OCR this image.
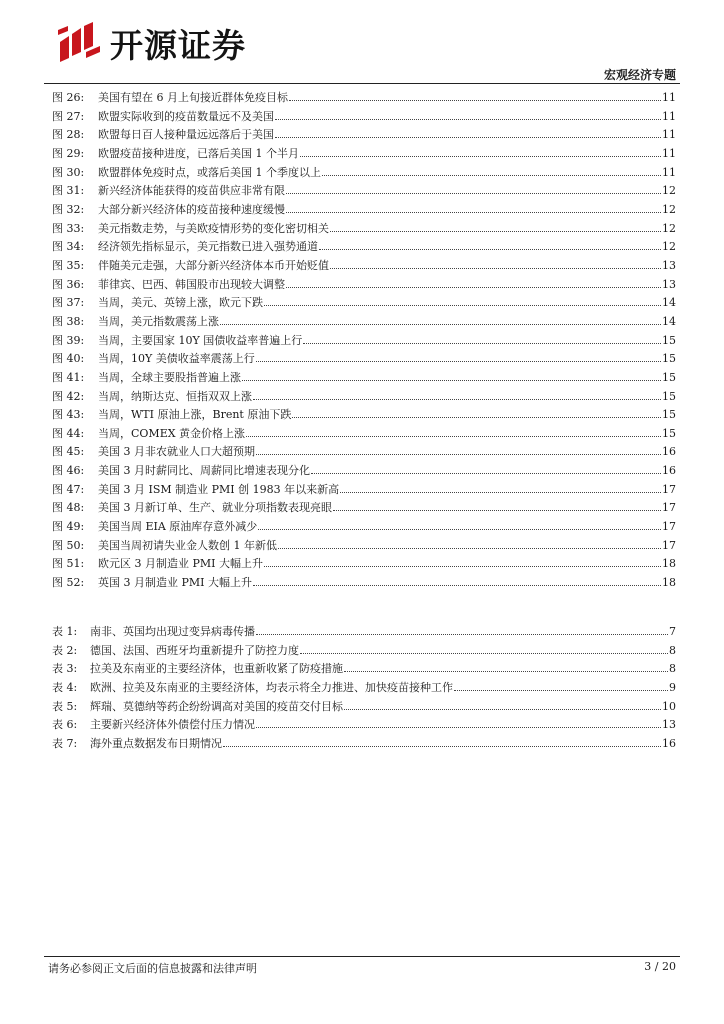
开源证券
宏观经济专题
图 26:	美国有望在 6 月上旬接近群体免疫目标	11
图 27:	欧盟实际收到的疫苗数量远不及美国	11
图 28:	欧盟每日百人接种量远远落后于美国	11
图 29:	欧盟疫苗接种进度，已落后美国 1 个半月	11
图 30:	欧盟群体免疫时点，或落后美国 1 个季度以上	11
图 31:	新兴经济体能获得的疫苗供应非常有限	12
图 32:	大部分新兴经济体的疫苗接种速度缓慢	12
图 33:	美元指数走势，与美欧疫情形势的变化密切相关	12
图 34:	经济领先指标显示，美元指数已进入强势通道	12
图 35:	伴随美元走强，大部分新兴经济体本币开始贬值	13
图 36:	菲律宾、巴西、韩国股市出现较大调整	13
图 37:	当周，美元、英镑上涨，欧元下跌	14
图 38:	当周，美元指数震荡上涨	14
图 39:	当周，主要国家 10Y 国债收益率普遍上行	15
图 40:	当周，10Y 美债收益率震荡上行	15
图 41:	当周，全球主要股指普遍上涨	15
图 42:	当周，纳斯达克、恒指双双上涨	15
图 43:	当周，WTI 原油上涨，Brent 原油下跌	15
图 44:	当周，COMEX 黄金价格上涨	15
图 45:	美国 3 月非农就业人口大超预期	16
图 46:	美国 3 月时薪同比、周薪同比增速表现分化	16
图 47:	美国 3 月 ISM 制造业 PMI 创 1983 年以来新高	17
图 48:	美国 3 月新订单、生产、就业分项指数表现亮眼	17
图 49:	美国当周 EIA 原油库存意外减少	17
图 50:	美国当周初请失业金人数创 1 年新低	17
图 51:	欧元区 3 月制造业 PMI 大幅上升	18
图 52:	英国 3 月制造业 PMI 大幅上升	18
表 1:	南非、英国均出现过变异病毒传播	7
表 2:	德国、法国、西班牙均重新提升了防控力度	8
表 3:	拉美及东南亚的主要经济体，也重新收紧了防疫措施	8
表 4:	欧洲、拉美及东南亚的主要经济体，均表示将全力推进、加快疫苗接种工作	9
表 5:	辉瑞、莫德纳等药企纷纷调高对美国的疫苗交付目标	10
表 6:	主要新兴经济体外债偿付压力情况	13
表 7:	海外重点数据发布日期情况	16
请务必参阅正文后面的信息披露和法律声明	3 / 20
